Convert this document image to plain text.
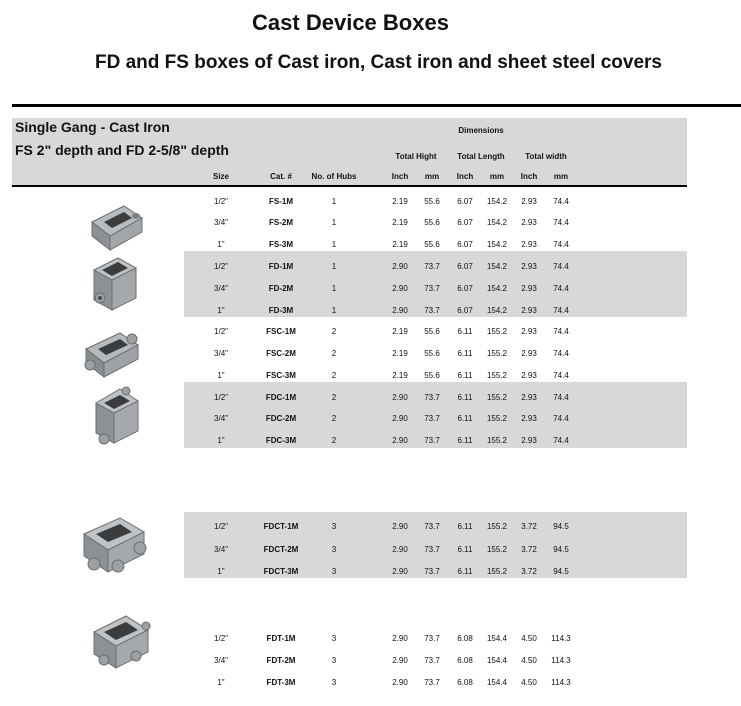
Cast Device Boxes
FD and FS boxes of Cast iron, Cast iron and sheet steel covers
Single Gang - Cast Iron
FS 2" depth and FD 2-5/8" depth
Dimensions
Total Hight	Total Length	Total width
Size	Cat. # No. of Hubs	Inch mm Inch mm Inch mm
1/2"	FS-1M	1	2.19 55.6 6.07 154.2 2.93 74.4
3/4"	FS-2M	1	2.19 55.6 6.07 154.2 2.93 74.4
1"	FS-3M	1	2.19 55.6 6.07 154.2 2.93 74.4
1/2"	FD-1M	1	2.90 73.7 6.07 154.2 2.93 74.4
3/4"	FD-2M	1	2.90 73.7 6.07 154.2 2.93 74.4
1"	FD-3M	1	2.90 73.7 6.07 154.2 2.93 74.4
1/2"	FSC-1M	2	2.19 55.6 6.11 155.2 2.93 74.4
3/4"	FSC-2M	2	2.19 55.6 6.11 155.2 2.93 74.4
1"	FSC-3M	2	2.19 55.6 6.11 155.2 2.93 74.4
1/2"	FDC-1M	2	2.90 73.7 6.11 155.2 2.93 74.4
3/4"	FDC-2M	2	2.90 73.7 6.11 155.2 2.93 74.4
1"	FDC-3M	2	2.90 73.7 6.11 155.2 2.93 74.4
1/2"	FDCT-1M	3	2.90 73.7 6.11 155.2 3.72 94.5
3/4"	FDCT-2M	3	2.90 73.7 6.11 155.2 3.72 94.5
1"	FDCT-3M	3	2.90 73.7 6.11 155.2 3.72 94.5
1/2"	FDT-1M	3	2.90 73.7 6.08 154.4 4.50 114.3
3/4"	FDT-2M	3	2.90 73.7 6.08 154.4 4.50 114.3
1"	FDT-3M	3	2.90 73.7 6.08 154.4 4.50 114.3
